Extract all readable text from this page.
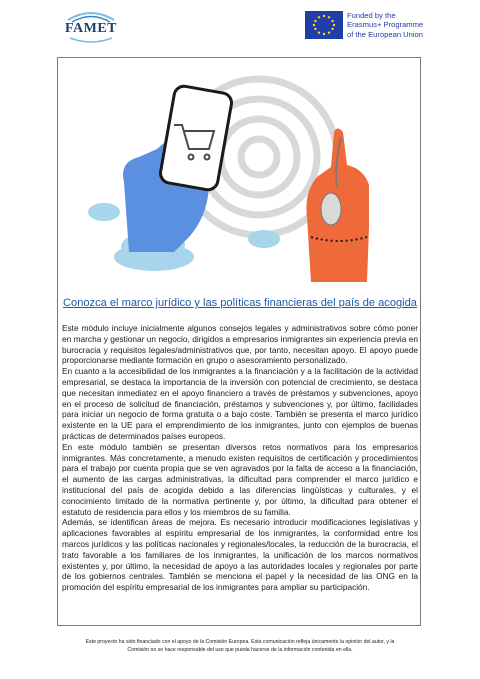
FAMET
Funded by the
Erasmus+ Programme
of the European Union
Conozca el marco jurídico y las políticas financieras del país de acogida

Este módulo incluye inicialmente algunos consejos legales y administrativos sobre cómo poner en marcha y gestionar un negocio, dirigidos a empresarios inmigrantes sin experiencia previa en burocracia y requisitos legales/administrativos que, por tanto, necesitan apoyo. El apoyo puede proporcionarse mediante formación en grupo o asesoramiento personalizado.

En cuanto a la accesibilidad de los inmigrantes a la financiación y a la facilitación de la actividad empresarial, se destaca la importancia de la inversión con potencial de crecimiento, se destaca que necesitan inmediatez en el apoyo financiero a través de préstamos y subvenciones, apoyo en el proceso de solicitud de financiación, préstamos y subvenciones y, por último, facilidades para iniciar un negocio de forma gratuita o a bajo coste. También se presenta el marco jurídico existente en la UE para el emprendimiento de los inmigrantes, junto con ejemplos de buenas prácticas de determinados países europeos.

En este módulo también se presentan diversos retos normativos para los empresarios inmigrantes. Más concretamente, a menudo existen requisitos de certificación y procedimientos para el trabajo por cuenta propia que se ven agravados por la falta de acceso a la financiación, el aumento de las cargas administrativas, la dificultad para comprender el marco jurídico e institucional del país de acogida debido a las diferencias lingüísticas y culturales, y el conocimiento limitado de la normativa pertinente y, por último, la dificultad para obtener el estatuto de residencia para ellos y los miembros de su familia.

Además, se identifican áreas de mejora. Es necesario introducir modificaciones legislativas y aplicaciones favorables al espíritu empresarial de los inmigrantes, la conformidad entre los marcos jurídicos y las políticas nacionales y regionales/locales, la reducción de la burocracia, el trato favorable a los familiares de los inmigrantes, la unificación de los marcos normativos existentes y, por último, la necesidad de apoyo a las autoridades locales y regionales por parte de los gobiernos centrales. También se menciona el papel y la necesidad de las ONG en la promoción del espíritu empresarial de los inmigrantes para ampliar su participación.

Este proyecto ha sido financiado con el apoyo de la Comisión Europea. Esta comunicación refleja únicamente la opinión del autor, y la
Comisión no se hace responsable del uso que pueda hacerse de la información contenida en ella.
